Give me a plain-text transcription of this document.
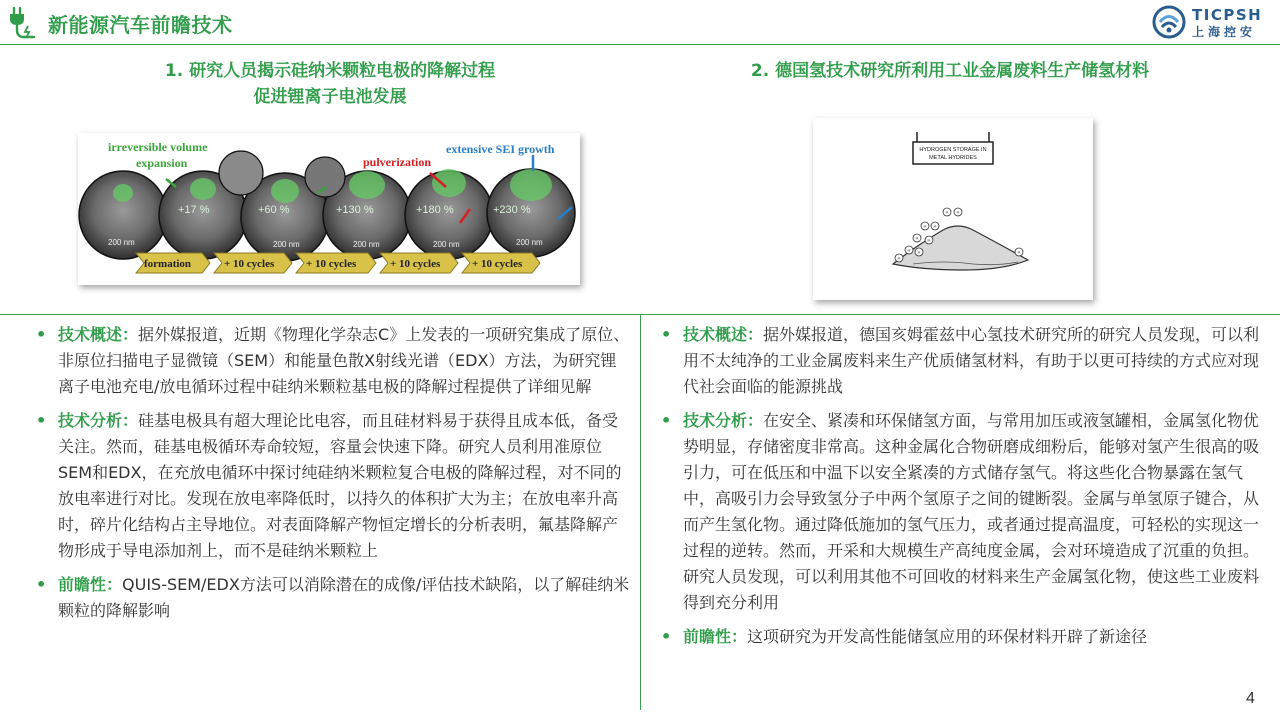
新能源汽车前瞻技术	TICPSH
上海控安
1. 研究人员揭示硅纳米颗粒电极的降解过程
促进锂离子电池发展
2. 德国氢技术研究所利用工业金属废料生产储氢材料
irreversible volume
expansion	pulverization
extensive SEI growth
+17 %	+60 %	+130 %	+180 %	+230 %
200 nm	200 nm	200 nm	200 nm	200 nm
formation	+ 10 cycles	+ 10 cycles	+ 10 cycles	+ 10 cycles
HYDROGEN STORAGE IN
METAL HYDRIDES
H H
H H
H H
H H
H
H
• 技术概述：据外媒报道，近期《物理化学杂志C》上发表的一项研究集成了原位、非原位扫描电子显微镜（SEM）和能量色散X射线光谱（EDX）方法，为研究锂离子电池充电/放电循环过程中硅纳米颗粒基电极的降解过程提供了详细见解
• 技术分析：硅基电极具有超大理论比电容，而且硅材料易于获得且成本低，备受关注。然而，硅基电极循环寿命较短，容量会快速下降。研究人员利用准原位SEM和EDX，在充放电循环中探讨纯硅纳米颗粒复合电极的降解过程，对不同的放电率进行对比。发现在放电率降低时，以持久的体积扩大为主；在放电率升高时，碎片化结构占主导地位。对表面降解产物恒定增长的分析表明，氟基降解产物形成于导电添加剂上，而不是硅纳米颗粒上
• 前瞻性：QUIS-SEM/EDX方法可以消除潜在的成像/评估技术缺陷，以了解硅纳米颗粒的降解影响
• 技术概述：据外媒报道，德国亥姆霍兹中心氢技术研究所的研究人员发现，可以利用不太纯净的工业金属废料来生产优质储氢材料，有助于以更可持续的方式应对现代社会面临的能源挑战
• 技术分析：在安全、紧凑和环保储氢方面，与常用加压或液氢罐相，金属氢化物优势明显，存储密度非常高。这种金属化合物研磨成细粉后，能够对氢产生很高的吸引力，可在低压和中温下以安全紧凑的方式储存氢气。将这些化合物暴露在氢气中，高吸引力会导致氢分子中两个氢原子之间的键断裂。金属与单氢原子键合，从而产生氢化物。通过降低施加的氢气压力，或者通过提高温度，可轻松的实现这一过程的逆转。然而，开采和大规模生产高纯度金属，会对环境造成了沉重的负担。研究人员发现，可以利用其他不可回收的材料来生产金属氢化物，使这些工业废料得到充分利用
• 前瞻性：这项研究为开发高性能储氢应用的环保材料开辟了新途径
4
